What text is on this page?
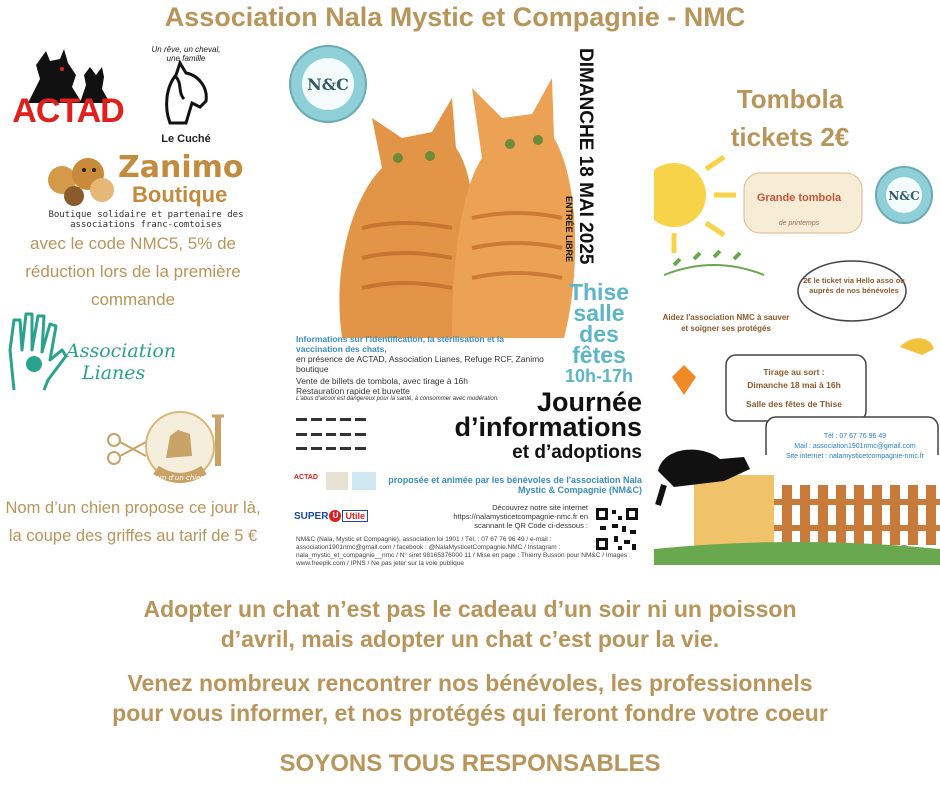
Association Nala Mystic et Compagnie - NMC
ACTAD
Un rêve, un cheval, une famille
Le Cuché
Zanimo
Boutique
Boutique solidaire et partenaire des associations franc-comtoises
avec le code NMC5, 5% de réduction lors de la première commande
Association
Lianes
Nom d'un chien !
Nom d’un chien propose ce jour là, la coupe des griffes au tarif de 5 €
N&C	DIMANCHE 18 MAI 2025
ENTRÉE LIBRE
Thise
salle
des
fêtes
10h-17h
Informations sur l'identification, la stérilisation et la vaccination des chats,
en présence de ACTAD, Association Lianes, Refuge RCF, Zanimo boutique
Vente de billets de tombola, avec tirage à 16h
Restauration rapide et buvette
L'abus d'alcool est dangereux pour la santé, à consommer avec modération.	Journée
d’informations
et d’adoptions
proposée et animée par les bénévoles de l'association Nala Mystic & Compagnie (NM&C)
Découvrez notre site internet https://nalamysticetcompagnie-nmc.fr en scannant le QR Code ci-dessous :
ACTAD
SUPER U Utile
NM&C (Nala, Mystic et Compagnie), association loi 1901 / Tél. : 07 67 76 96 49 / e-mail : association1901nmc@gmail.com / facebook : @NalaMysticetCompagnie.NMC / Instagram : nala_mystic_et_compagnie__nmc / N° siret 98165376000 11 / Mise en page : Thierry Busson pour NM&C / Images : www.freepik.com / IPNS / Ne pas jeter sur la voie publique
Tombola
tickets 2€
N&C
Grande tombola
de printemps
2€ le ticket via Hello asso ou auprès de nos bénévoles
Aidez l'association NMC à sauver et soigner ses protégés
Tirage au sort :
Dimanche 18 mai à 16h
Salle des fêtes de Thise
Tél : 07 67 76 96 49
Mail : association1901nmc@gmail.com
Site internet : nalamysticetcompagnie-nmc.fr
Adopter un chat n’est pas le cadeau d’un soir ni un poisson
d’avril, mais adopter un chat c’est pour la vie.
Venez nombreux rencontrer nos bénévoles, les professionnels
pour vous informer, et nos protégés qui feront fondre votre coeur
SOYONS TOUS RESPONSABLES
